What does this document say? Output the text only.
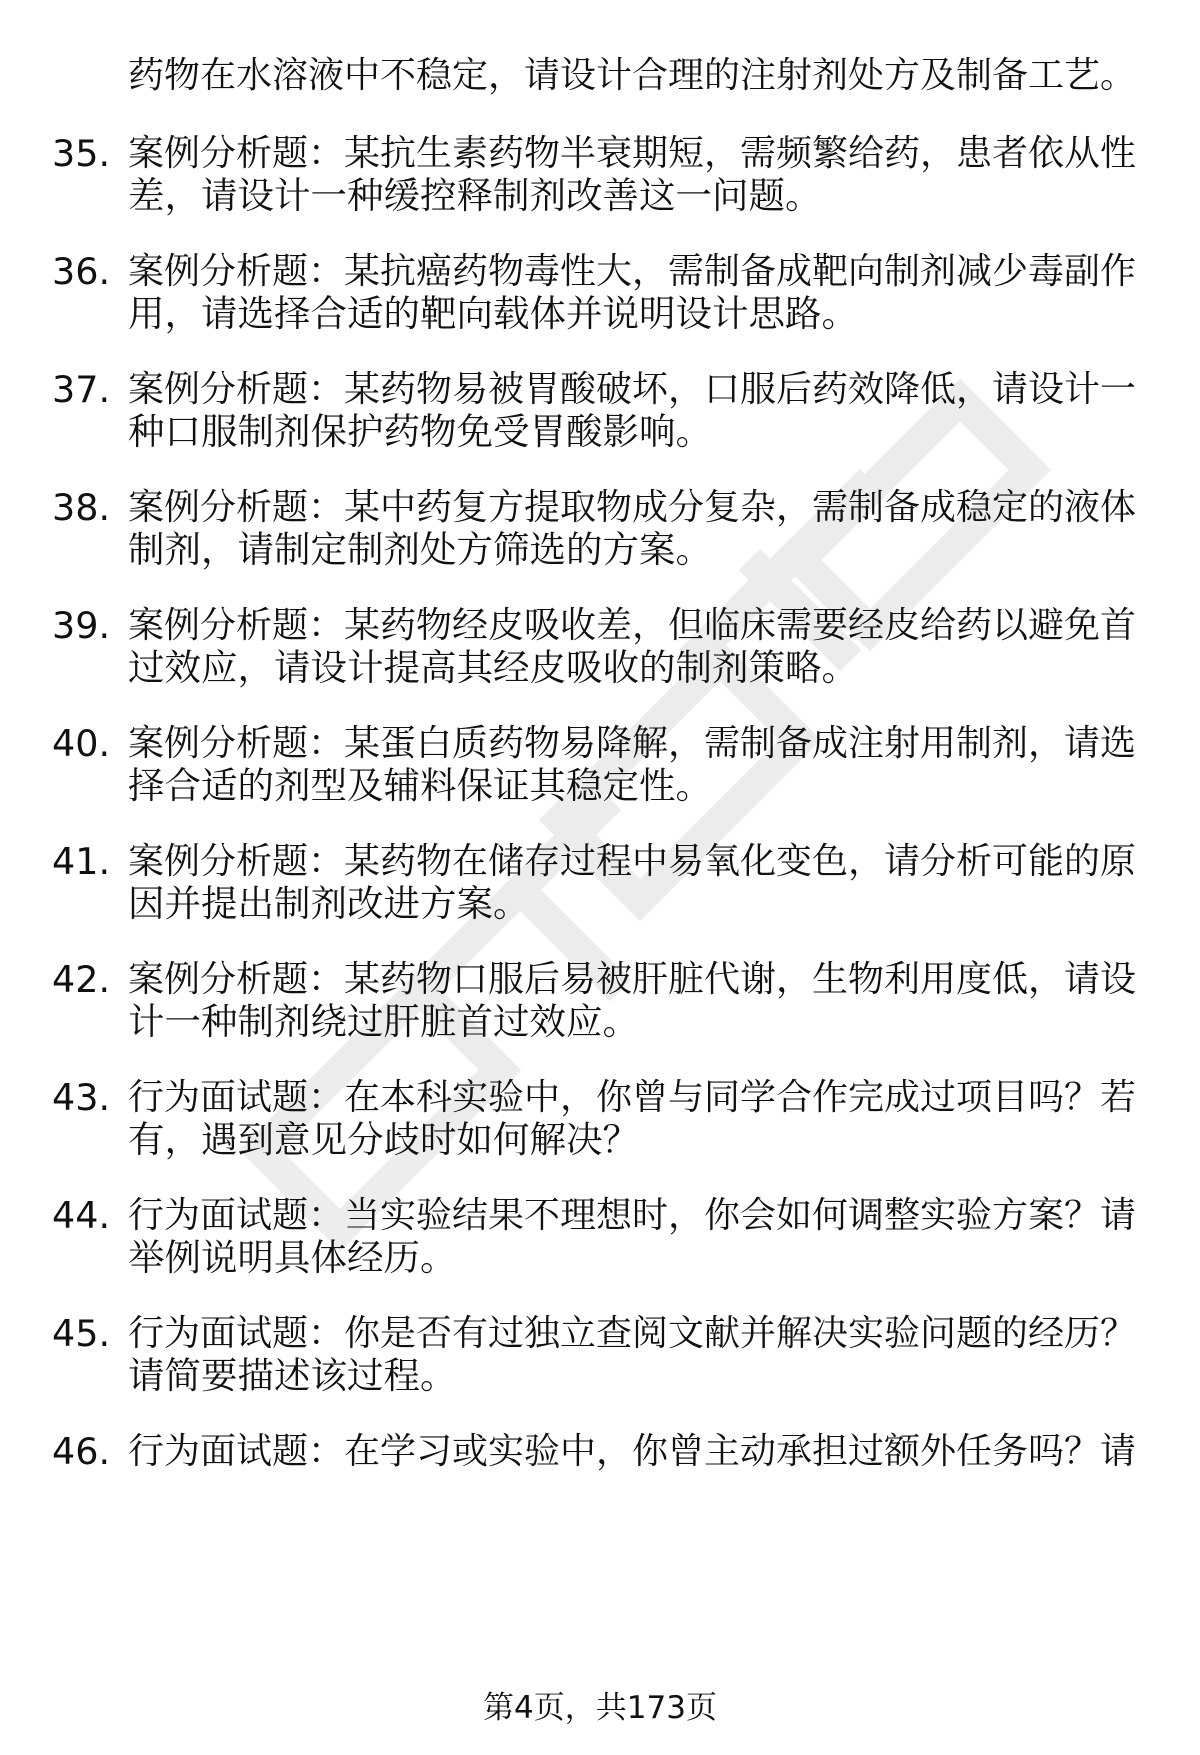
药物在水溶液中不稳定，请设计合理的注射剂处方及制备工艺。
35. 案例分析题：某抗生素药物半衰期短，需频繁给药，患者依从性
差，请设计一种缓控释制剂改善这一问题。
36. 案例分析题：某抗癌药物毒性大，需制备成靶向制剂减少毒副作
用，请选择合适的靶向载体并说明设计思路。
37. 案例分析题：某药物易被胃酸破坏，口服后药效降低，请设计一
种口服制剂保护药物免受胃酸影响。
38. 案例分析题：某中药复方提取物成分复杂，需制备成稳定的液体
制剂，请制定制剂处方筛选的方案。
39. 案例分析题：某药物经皮吸收差，但临床需要经皮给药以避免首
过效应，请设计提高其经皮吸收的制剂策略。
40. 案例分析题：某蛋白质药物易降解，需制备成注射用制剂，请选
择合适的剂型及辅料保证其稳定性。
41. 案例分析题：某药物在储存过程中易氧化变色，请分析可能的原
因并提出制剂改进方案。
42. 案例分析题：某药物口服后易被肝脏代谢，生物利用度低，请设
计一种制剂绕过肝脏首过效应。
43. 行为面试题：在本科实验中，你曾与同学合作完成过项目吗？若
有，遇到意见分歧时如何解决？
44. 行为面试题：当实验结果不理想时，你会如何调整实验方案？请
举例说明具体经历。
45. 行为面试题：你是否有过独立查阅文献并解决实验问题的经历？
请简要描述该过程。
46. 行为面试题：在学习或实验中，你曾主动承担过额外任务吗？请
第4页，共173页
